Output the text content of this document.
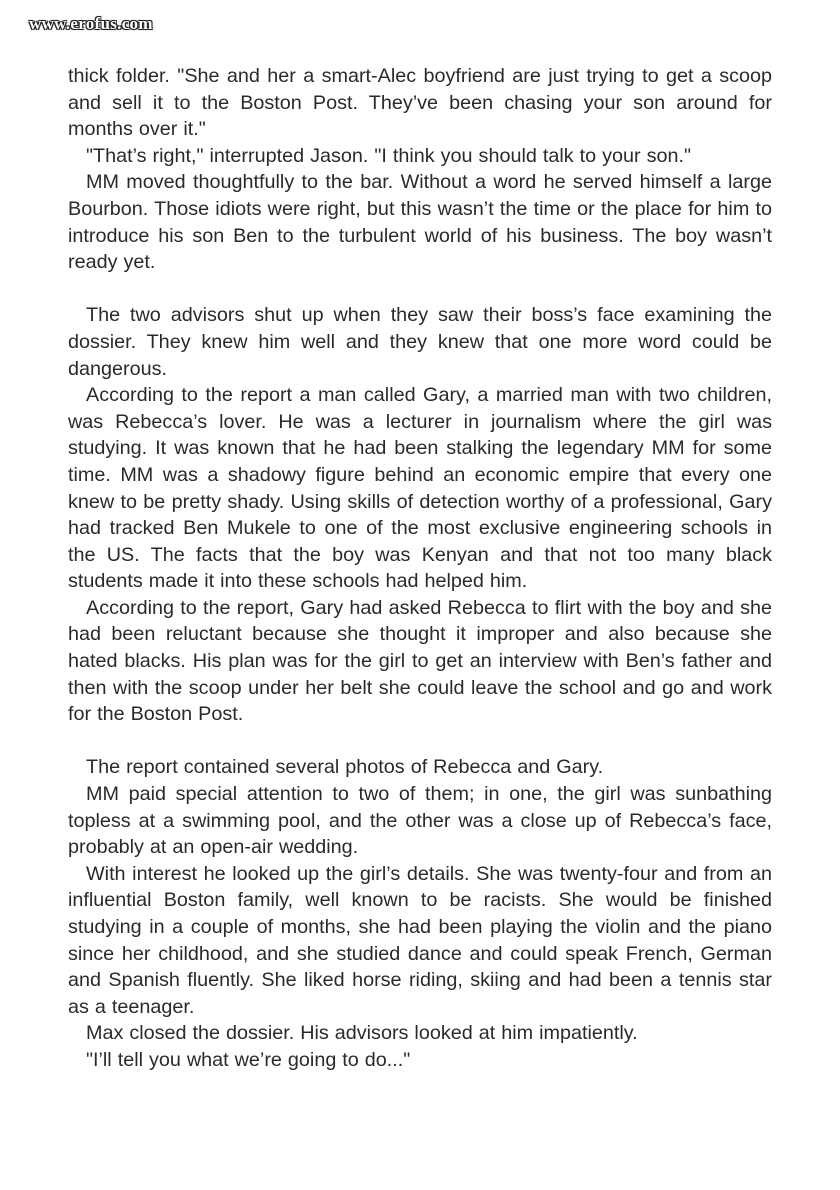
www.erofus.com

thick folder. "She and her a smart-Alec boyfriend are just trying to get a scoop and sell it to the Boston Post. They’ve been chasing your son around for months over it."

"That’s right," interrupted Jason. "I think you should talk to your son."

MM moved thoughtfully to the bar. Without a word he served himself a large Bourbon. Those idiots were right, but this wasn’t the time or the place for him to introduce his son Ben to the turbulent world of his business. The boy wasn’t ready yet.

The two advisors shut up when they saw their boss’s face examining the dossier. They knew him well and they knew that one more word could be dangerous.

According to the report a man called Gary, a married man with two children, was Rebecca’s lover. He was a lecturer in journalism where the girl was studying. It was known that he had been stalking the legendary MM for some time. MM was a shadowy figure behind an economic empire that every one knew to be pretty shady. Using skills of detection worthy of a professional, Gary had tracked Ben Mukele to one of the most exclusive engineering schools in the US. The facts that the boy was Kenyan and that not too many black students made it into these schools had helped him.

According to the report, Gary had asked Rebecca to flirt with the boy and she had been reluctant because she thought it improper and also because she hated blacks. His plan was for the girl to get an interview with Ben’s father and then with the scoop under her belt she could leave the school and go and work for the Boston Post.

The report contained several photos of Rebecca and Gary.

MM paid special attention to two of them; in one, the girl was sunbathing topless at a swimming pool, and the other was a close up of Rebecca’s face, probably at an open-air wedding.

With interest he looked up the girl’s details. She was twenty-four and from an influential Boston family, well known to be racists. She would be finished studying in a couple of months, she had been playing the violin and the piano since her childhood, and she studied dance and could speak French, German and Spanish fluently. She liked horse riding, skiing and had been a tennis star as a teenager.

Max closed the dossier. His advisors looked at him impatiently.

"I’ll tell you what we’re going to do..."
